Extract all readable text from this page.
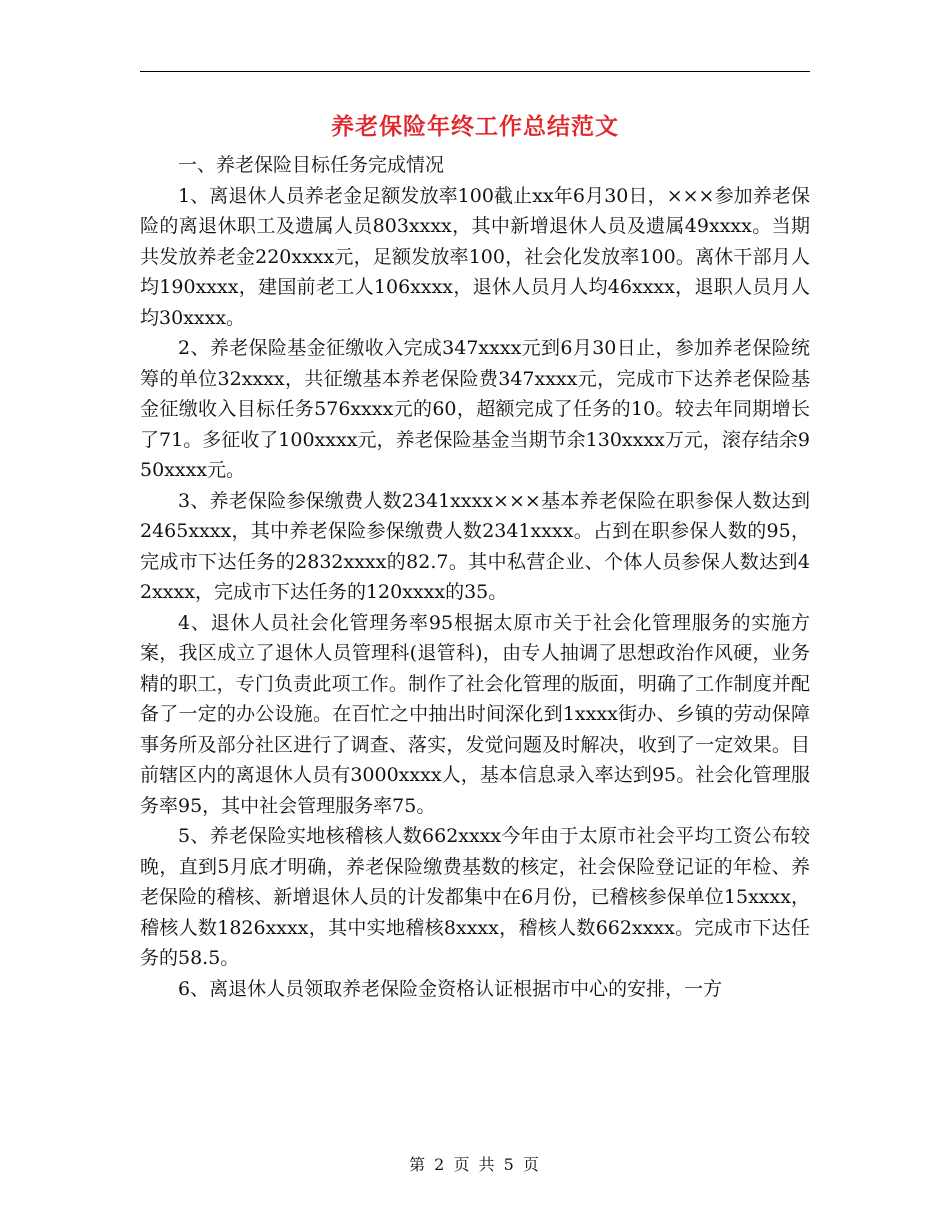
养老保险年终工作总结范文

一、养老保险目标任务完成情况

1、离退休人员养老金足额发放率100截止xx年6月30日，×××参加养老保险的离退休职工及遗属人员803xxxx，其中新增退休人员及遗属49xxxx。当期共发放养老金220xxxx元，足额发放率100，社会化发放率100。离休干部月人均190xxxx，建国前老工人106xxxx，退休人员月人均46xxxx，退职人员月人均30xxxx。

2、养老保险基金征缴收入完成347xxxx元到6月30日止，参加养老保险统筹的单位32xxxx，共征缴基本养老保险费347xxxx元，完成市下达养老保险基金征缴收入目标任务576xxxx元的60，超额完成了任务的10。较去年同期增长了71。多征收了100xxxx元，养老保险基金当期节余130xxxx万元，滚存结余950xxxx元。

3、养老保险参保缴费人数2341xxxx×××基本养老保险在职参保人数达到2465xxxx，其中养老保险参保缴费人数2341xxxx。占到在职参保人数的95，完成市下达任务的2832xxxx的82.7。其中私营企业、个体人员参保人数达到42xxxx，完成市下达任务的120xxxx的35。

4、退休人员社会化管理务率95根据太原市关于社会化管理服务的实施方案，我区成立了退休人员管理科(退管科)，由专人抽调了思想政治作风硬，业务精的职工，专门负责此项工作。制作了社会化管理的版面，明确了工作制度并配备了一定的办公设施。在百忙之中抽出时间深化到1xxxx街办、乡镇的劳动保障事务所及部分社区进行了调查、落实，发觉问题及时解决，收到了一定效果。目前辖区内的离退休人员有3000xxxx人，基本信息录入率达到95。社会化管理服务率95，其中社会管理服务率75。

5、养老保险实地核稽核人数662xxxx今年由于太原市社会平均工资公布较晚，直到5月底才明确，养老保险缴费基数的核定，社会保险登记证的年检、养老保险的稽核、新增退休人员的计发都集中在6月份，已稽核参保单位15xxxx，稽核人数1826xxxx，其中实地稽核8xxxx，稽核人数662xxxx。完成市下达任务的58.5。

6、离退休人员领取养老保险金资格认证根据市中心的安排，一方

第 2 页 共 5 页
